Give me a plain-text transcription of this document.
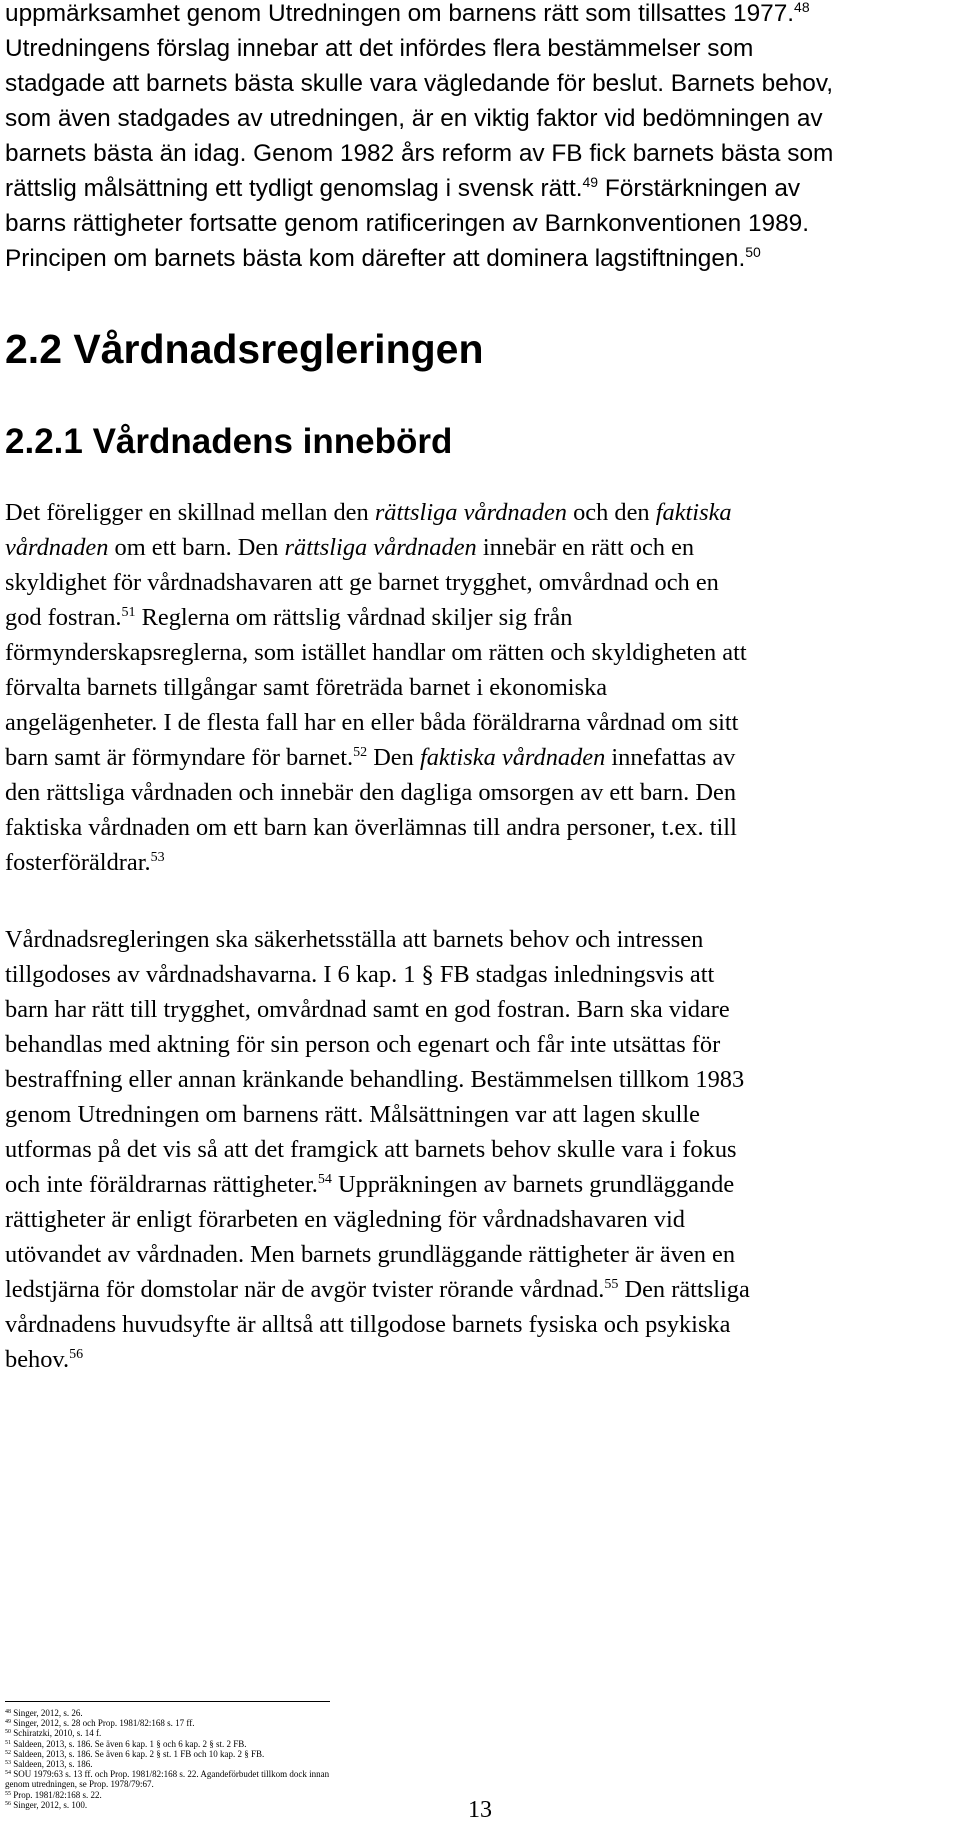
uppmärksamhet genom Utredningen om barnens rätt som tillsattes 1977.48
Utredningens förslag innebar att det infördes flera bestämmelser som
stadgade att barnets bästa skulle vara vägledande för beslut. Barnets behov,
som även stadgades av utredningen, är en viktig faktor vid bedömningen av
barnets bästa än idag. Genom 1982 års reform av FB fick barnets bästa som
rättslig målsättning ett tydligt genomslag i svensk rätt.$^{49}$ Förstärkningen av
barns rättigheter fortsatte genom ratificeringen av Barnkonventionen 1989.
Principen om barnets bästa kom därefter att dominera lagstiftningen.$^{50}$
2.2 Vårdnadsregleringen
2.2.1 Vårdnadens innebörd
Det föreligger en skillnad mellan den rättsliga vårdnaden och den faktiska
vårdnaden om ett barn. Den rättsliga vårdnaden innebär en rätt och en
skyldighet för vårdnadshavaren att ge barnet trygghet, omvårdnad och en
god fostran.$^{51}$ Reglerna om rättslig vårdnad skiljer sig från
förmynderskapsreglerna, som istället handlar om rätten och skyldigheten att
förvalta barnets tillgångar samt företräda barnet i ekonomiska
angelägenheter. I de flesta fall har en eller båda föräldrarna vårdnad om sitt
barn samt är förmyndare för barnet.$^{52}$ Den faktiska vårdnaden innefattas av
den rättsliga vårdnaden och innebär den dagliga omsorgen av ett barn. Den
faktiska vårdnaden om ett barn kan överlämnas till andra personer, t.ex. till
fosterföräldrar.$^{53}$
Vårdnadsregleringen ska säkerhetsställa att barnets behov och intressen
tillgodoses av vårdnadshavarna. I 6 kap. 1 § FB stadgas inledningsvis att
barn har rätt till trygghet, omvårdnad samt en god fostran. Barn ska vidare
behandlas med aktning för sin person och egenart och får inte utsättas för
bestraffning eller annan kränkande behandling. Bestämmelsen tillkom 1983
genom Utredningen om barnens rätt. Målsättningen var att lagen skulle
utformas på det vis så att det framgick att barnets behov skulle vara i fokus
och inte föräldrarnas rättigheter.$^{54}$ Uppräkningen av barnets grundläggande
rättigheter är enligt förarbeten en vägledning för vårdnadshavaren vid
utövandet av vårdnaden. Men barnets grundläggande rättigheter är även en
ledstjärna för domstolar när de avgör tvister rörande vårdnad.$^{55}$ Den rättsliga
vårdnadens huvudsyfte är alltså att tillgodose barnets fysiska och psykiska
behov.$^{56}$
$^{48}$ Singer, 2012, s. 26.
$^{49}$ Singer, 2012, s. 28 och Prop. 1981/82:168 s. 17 ff.
$^{50}$ Schiratzki, 2010, s. 14 f.
$^{51}$ Saldeen, 2013, s. 186. Se även 6 kap. 1 § och 6 kap. 2 § st. 2 FB.
$^{52}$ Saldeen, 2013, s. 186. Se även 6 kap. 2 § st. 1 FB och 10 kap. 2 § FB.
$^{53}$ Saldeen, 2013, s. 186.
$^{54}$ SOU 1979:63 s. 13 ff. och Prop. 1981/82:168 s. 22. Agandeförbudet tillkom dock innan
genom utredningen, se Prop. 1978/79:67.
$^{55}$ Prop. 1981/82:168 s. 22.
$^{56}$ Singer, 2012, s. 100.	13
